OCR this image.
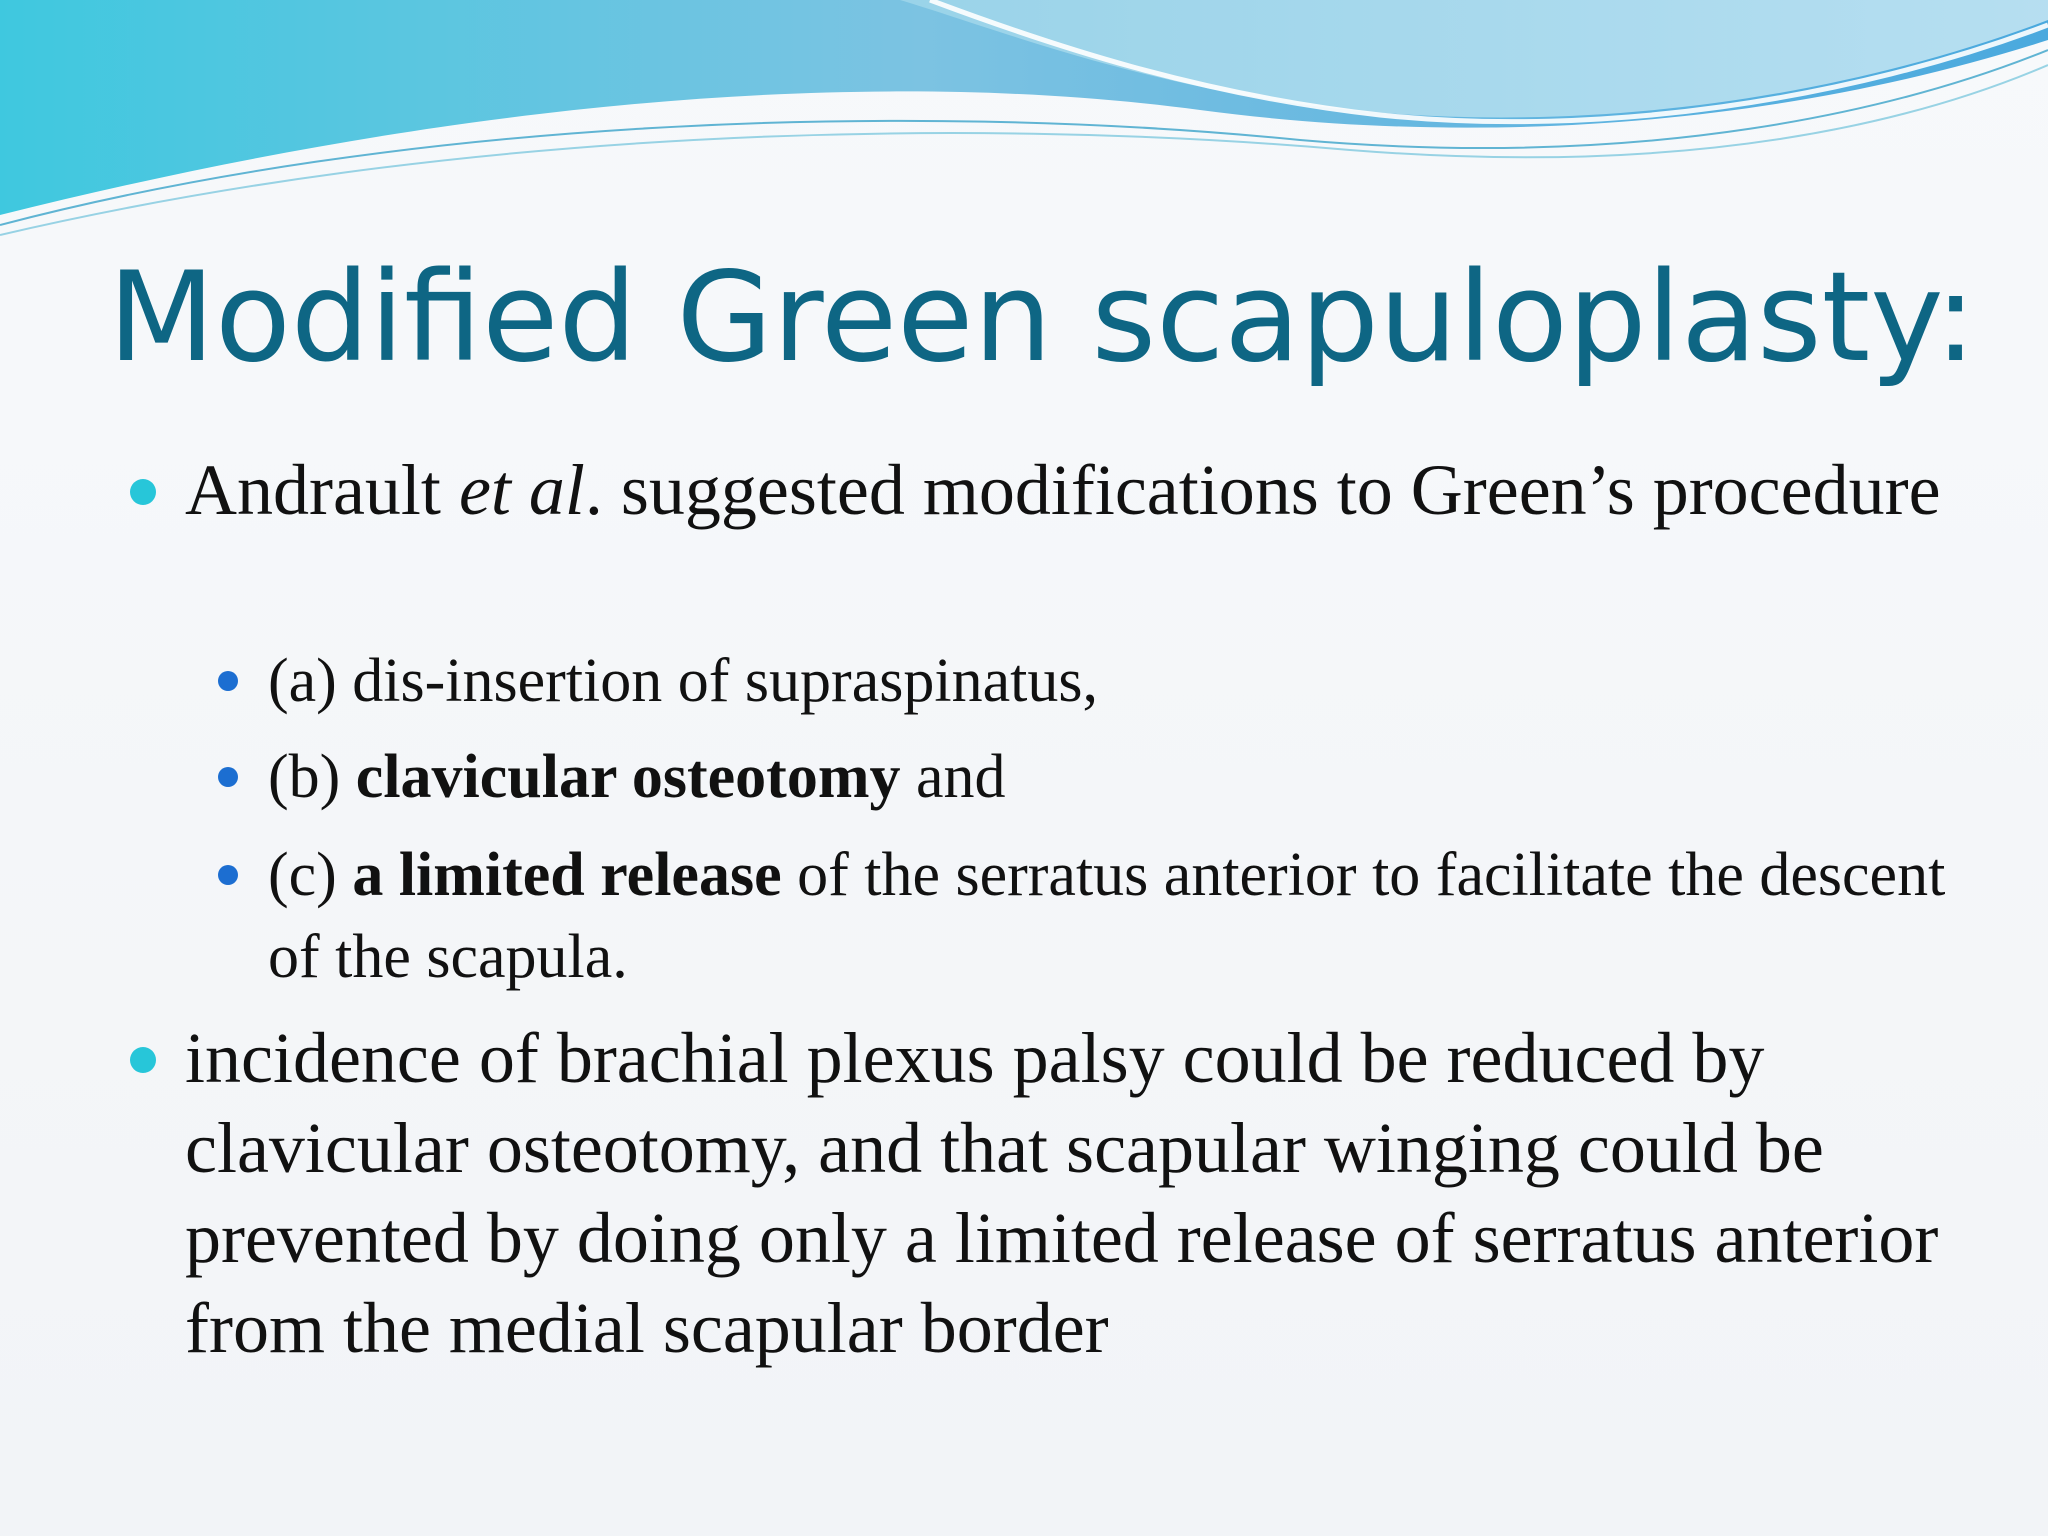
Modified Green scapuloplasty:
Andrault et al. suggested modifications to Green’s procedure
(a) dis-insertion of supraspinatus,
(b) clavicular osteotomy and
(c) a limited release of the serratus anterior to facilitate the descent of the scapula.
incidence of brachial plexus palsy could be reduced by clavicular osteotomy, and that scapular winging could be prevented by doing only a limited release of serratus anterior from the medial scapular border
